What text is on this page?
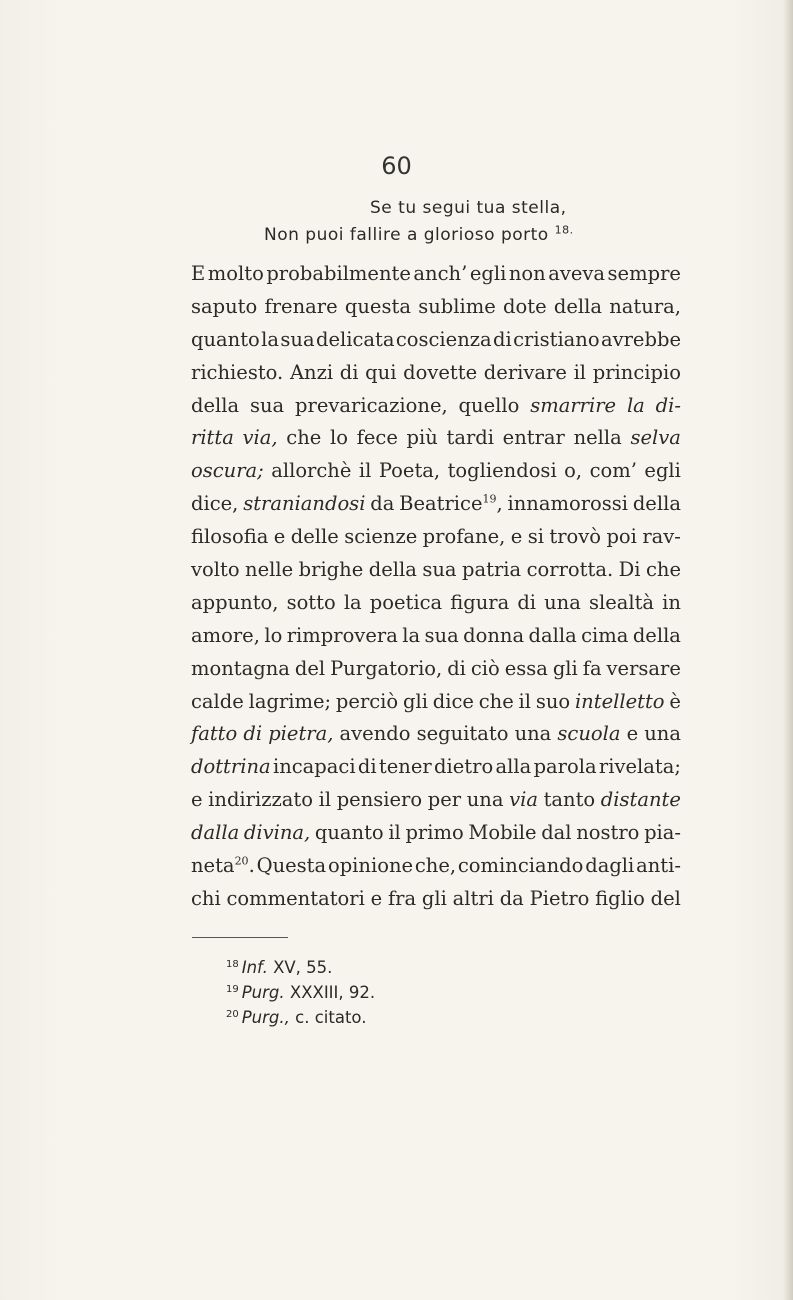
60
Se tu segui tua stella,
Non puoi fallire a glorioso porto $^{18.}$
E molto probabilmente anch’ egli non aveva sempre
saputo frenare questa sublime dote della natura,
quanto la sua delicata coscienza di cristiano avrebbe
richiesto. Anzi di qui dovette derivare il principio
della sua prevaricazione, quello smarrire la di-
ritta via, che lo fece più tardi entrar nella selva
oscura; allorchè il Poeta, togliendosi o, com’ egli
dice, straniandosi da Beatrice$^{19}$, innamorossi della
filosofia e delle scienze profane, e si trovò poi rav-
volto nelle brighe della sua patria corrotta. Di che
appunto, sotto la poetica figura di una slealtà in
amore, lo rimprovera la sua donna dalla cima della
montagna del Purgatorio, di ciò essa gli fa versare
calde lagrime; perciò gli dice che il suo intelletto è
fatto di pietra, avendo seguitato una scuola e una
dottrina incapaci di tener dietro alla parola rivelata;
e indirizzato il pensiero per una via tanto distante
dalla divina, quanto il primo Mobile dal nostro pia-
neta$^{20}$. Questa opinione che, cominciando dagli anti-
chi commentatori e fra gli altri da Pietro figlio del
$^{18}$ Inf. XV, 55.
$^{19}$ Purg. XXXIII, 92.
$^{20}$ Purg., c. citato.
